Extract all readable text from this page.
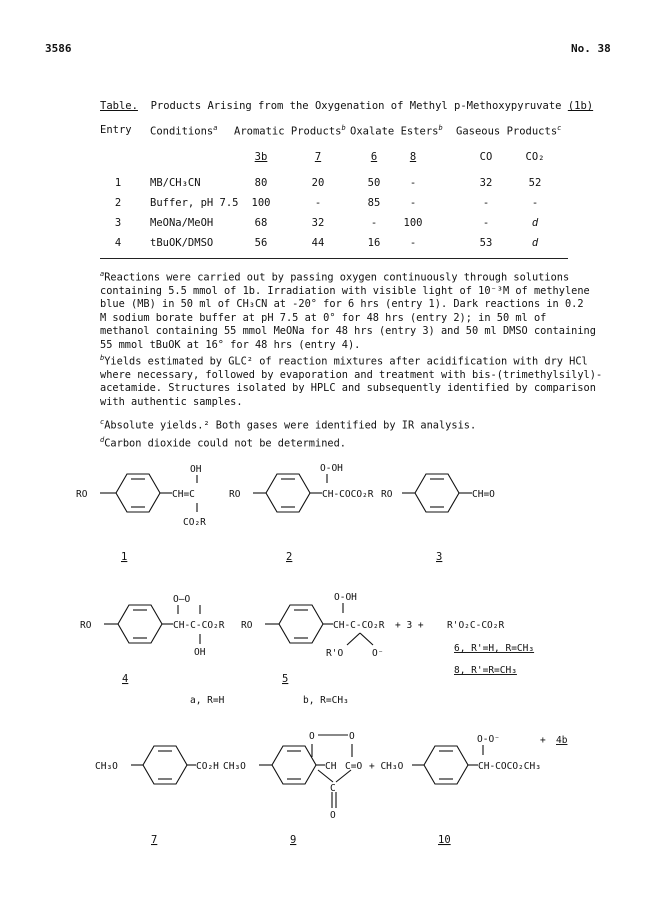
3586	No. 38
Table. Products Arising from the Oxygenation of Methyl p-Methoxypyruvate (1b)
Entry Conditions$^a$ Aromatic Products$^b$ Oxalate Esters$^b$ Gaseous Products$^c$
3b	7	6	8	CO	CO₂
1	MB/CH₃CN	80	20	50	-	32	52
2	Buffer, pH 7.5	100	-	85	-	-	-
3	MeONa/MeOH	68	32	-	100	-	d
4	tBuOK/DMSO	56	44	16	-	53	d
$^a$Reactions were carried out by passing oxygen continuously through solutions
containing 5.5 mmol of 1b. Irradiation with visible light of 10⁻³M of methylene
blue (MB) in 50 ml of CH₃CN at -20° for 6 hrs (entry 1). Dark reactions in 0.2
M sodium borate buffer at pH 7.5 at 0° for 48 hrs (entry 2); in 50 ml of
methanol containing 55 mmol MeONa for 48 hrs (entry 3) and 50 ml DMSO containing
55 mmol tBuOK at 16° for 48 hrs (entry 4).
$^b$Yields estimated by GLC² of reaction mixtures after acidification with dry HCl
where necessary, followed by evaporation and treatment with bis-(trimethylsilyl)-
acetamide. Structures isolated by HPLC and subsequently identified by comparison
with authentic samples.
$^c$Absolute yields.² Both gases were identified by IR analysis.
$^d$Carbon dioxide could not be determined.
RO	CH=C
OH
CO₂R
1
RO	CH-COCO₂R
O-OH
2
RO	CH=O
3
RO	CH-C-CO₂R
O—O
OH
4
RO	CH-C-CO₂R
O-OH
R'O	O⁻
+ 3 +
5
R'O₂C-CO₂R
6, R'=H, R=CH₃
8, R'=R=CH₃
a, R=H	b, R=CH₃
CH₃O	CO₂H
7
CH₃O
O	O
CH C=O
C
O
9
+ CH₃O	CH-COCO₂CH₃
O-O⁻	+ 4b
10
